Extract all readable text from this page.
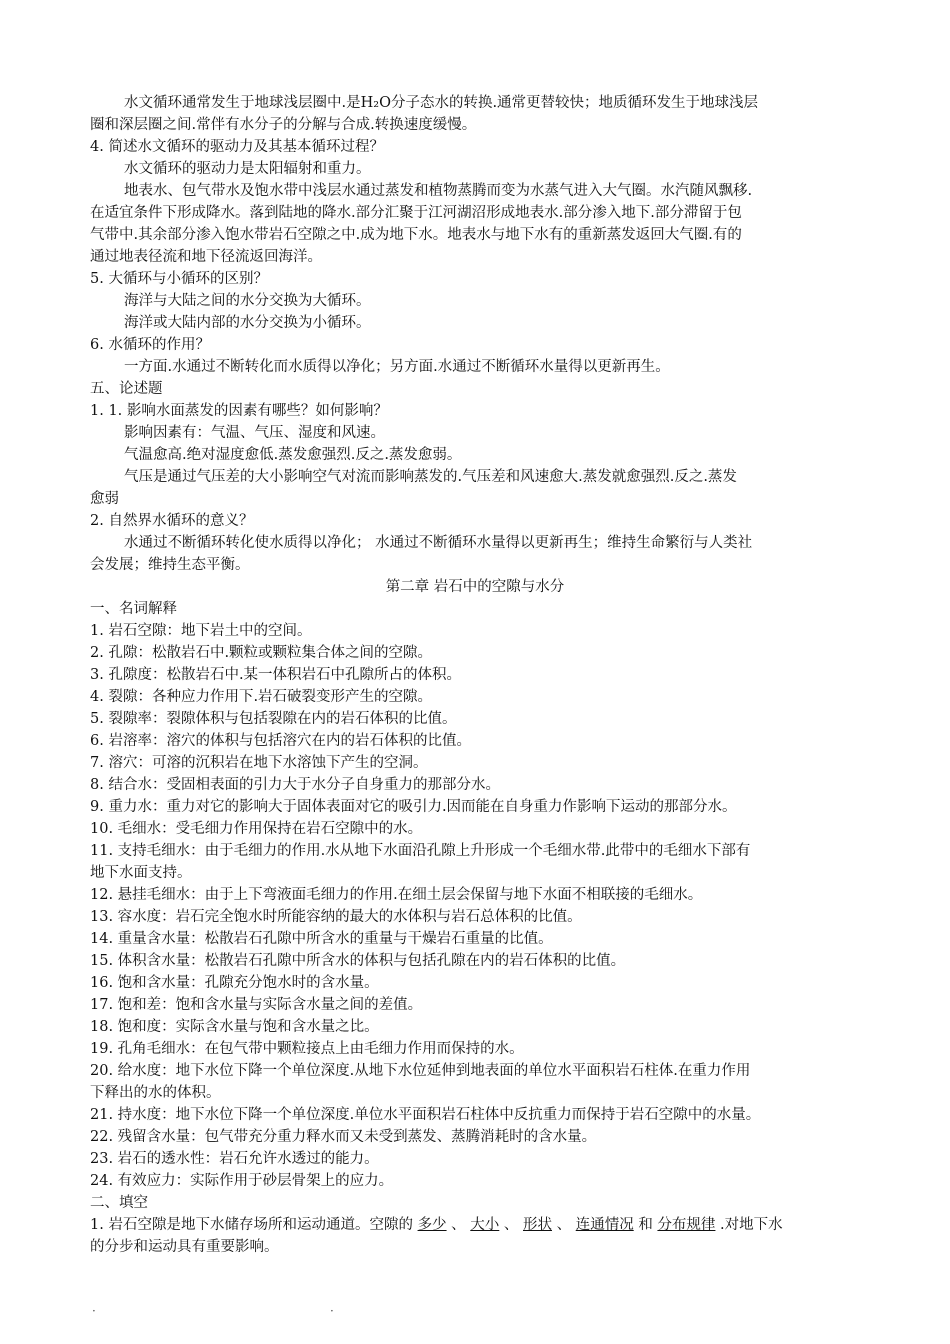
水文循环通常发生于地球浅层圈中.是H₂O分子态水的转换.通常更替较快；地质循环发生于地球浅层
圈和深层圈之间.常伴有水分子的分解与合成.转换速度缓慢。
4. 简述水文循环的驱动力及其基本循环过程？
水文循环的驱动力是太阳辐射和重力。
地表水、包气带水及饱水带中浅层水通过蒸发和植物蒸腾而变为水蒸气进入大气圈。水汽随风飘移.
在适宜条件下形成降水。落到陆地的降水.部分汇聚于江河湖沼形成地表水.部分渗入地下.部分滞留于包
气带中.其余部分渗入饱水带岩石空隙之中.成为地下水。地表水与地下水有的重新蒸发返回大气圈.有的
通过地表径流和地下径流返回海洋。
5. 大循环与小循环的区别？
海洋与大陆之间的水分交换为大循环。
海洋或大陆内部的水分交换为小循环。
6. 水循环的作用？
一方面.水通过不断转化而水质得以净化；另方面.水通过不断循环水量得以更新再生。
五、论述题
1. 1. 影响水面蒸发的因素有哪些？如何影响？
影响因素有：气温、气压、湿度和风速。
气温愈高.绝对湿度愈低.蒸发愈强烈.反之.蒸发愈弱。
气压是通过气压差的大小影响空气对流而影响蒸发的.气压差和风速愈大.蒸发就愈强烈.反之.蒸发
愈弱
2. 自然界水循环的意义？
水通过不断循环转化使水质得以净化； 水通过不断循环水量得以更新再生；维持生命繁衍与人类社
会发展；维持生态平衡。
第二章 岩石中的空隙与水分
一、名词解释
1. 岩石空隙：地下岩土中的空间。
2. 孔隙：松散岩石中.颗粒或颗粒集合体之间的空隙。
3. 孔隙度：松散岩石中.某一体积岩石中孔隙所占的体积。
4. 裂隙：各种应力作用下.岩石破裂变形产生的空隙。
5. 裂隙率：裂隙体积与包括裂隙在内的岩石体积的比值。
6. 岩溶率：溶穴的体积与包括溶穴在内的岩石体积的比值。
7. 溶穴：可溶的沉积岩在地下水溶蚀下产生的空洞。
8. 结合水：受固相表面的引力大于水分子自身重力的那部分水。
9. 重力水：重力对它的影响大于固体表面对它的吸引力.因而能在自身重力作影响下运动的那部分水。
10. 毛细水：受毛细力作用保持在岩石空隙中的水。
11. 支持毛细水：由于毛细力的作用.水从地下水面沿孔隙上升形成一个毛细水带.此带中的毛细水下部有
地下水面支持。
12. 悬挂毛细水：由于上下弯液面毛细力的作用.在细土层会保留与地下水面不相联接的毛细水。
13. 容水度：岩石完全饱水时所能容纳的最大的水体积与岩石总体积的比值。
14. 重量含水量：松散岩石孔隙中所含水的重量与干燥岩石重量的比值。
15. 体积含水量：松散岩石孔隙中所含水的体积与包括孔隙在内的岩石体积的比值。
16. 饱和含水量：孔隙充分饱水时的含水量。
17. 饱和差：饱和含水量与实际含水量之间的差值。
18. 饱和度：实际含水量与饱和含水量之比。
19. 孔角毛细水：在包气带中颗粒接点上由毛细力作用而保持的水。
20. 给水度：地下水位下降一个单位深度.从地下水位延伸到地表面的单位水平面积岩石柱体.在重力作用
下释出的水的体积。
21. 持水度：地下水位下降一个单位深度.单位水平面积岩石柱体中反抗重力而保持于岩石空隙中的水量。
22. 残留含水量：包气带充分重力释水而又未受到蒸发、蒸腾消耗时的含水量。
23. 岩石的透水性：岩石允许水透过的能力。
24. 有效应力：实际作用于砂层骨架上的应力。
二、填空
1. 岩石空隙是地下水储存场所和运动通道。空隙的 多少 、 大小 、 形状 、 连通情况 和 分布规律 .对地下水
的分步和运动具有重要影响。
·	·
